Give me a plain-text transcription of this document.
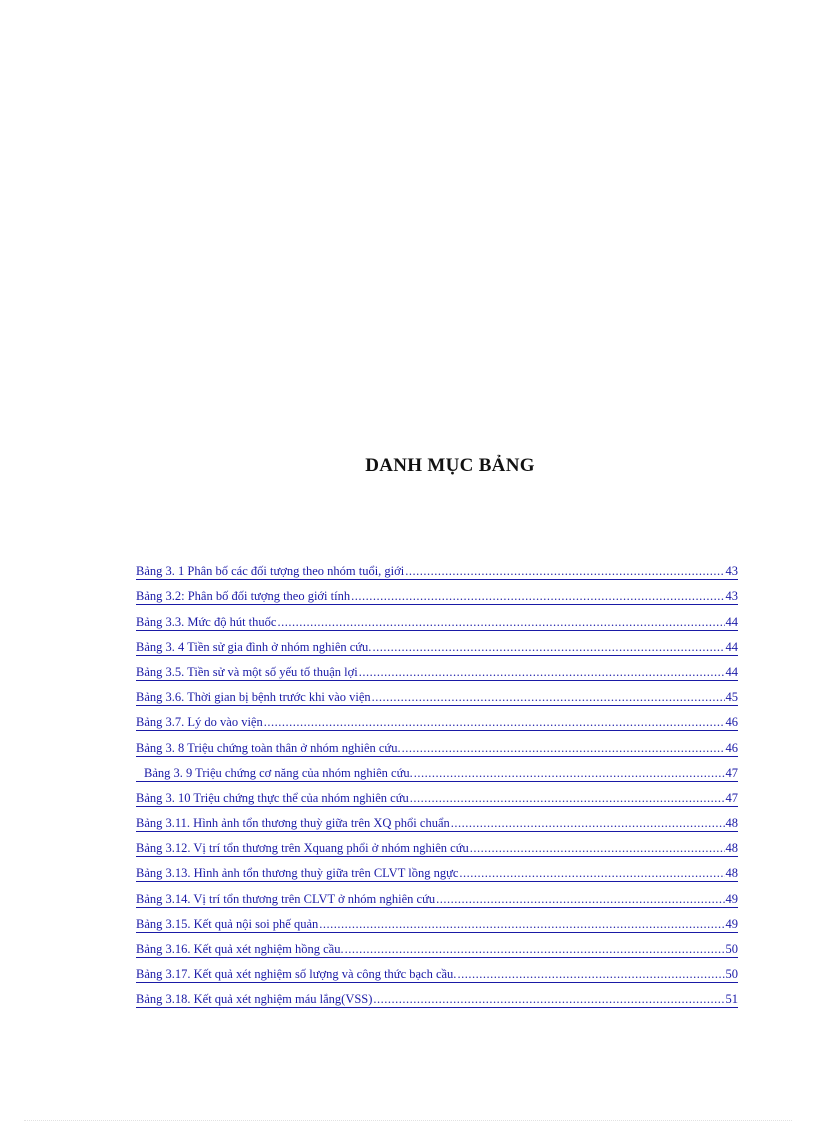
DANH MỤC BẢNG
Bảng 3. 1 Phân bố các đối tượng theo nhóm tuổi, giới .....	43
Bảng 3.2: Phân bố đối tượng theo giới tính .....	43
Bảng 3.3. Mức độ hút thuốc .....	44
Bảng 3. 4 Tiền sử gia đình ở nhóm nghiên cứu. .....	44
Bảng 3.5. Tiền sử và một số yếu tố thuận lợi .....	44
Bảng 3.6. Thời gian bị bệnh trước khi vào viện .....	45
Bảng 3.7. Lý do vào viện .....	46
Bảng 3. 8 Triệu chứng toàn thân ở nhóm nghiên cứu. .....	46
Bảng 3. 9 Triệu chứng cơ năng của nhóm nghiên cứu. .....	47
Bảng 3. 10 Triệu chứng thực thể của nhóm nghiên cứu .....	47
Bảng 3.11. Hình ảnh tổn thương thuỳ giữa trên XQ phổi chuẩn .....	48
Bảng 3.12. Vị trí tổn thương trên Xquang phổi ở nhóm nghiên cứu .....	48
Bảng 3.13. Hình ảnh tổn thương thuỳ giữa trên CLVT lồng ngực .....	48
Bảng 3.14. Vị trí tổn thương trên CLVT ở nhóm nghiên cứu .....	49
Bảng 3.15. Kết quả nội soi phế quản .....	49
Bảng 3.16. Kết quả xét nghiệm hồng cầu. .....	50
Bảng 3.17. Kết quả xét nghiệm số lượng và công thức bạch cầu. .....	50
Bảng 3.18. Kết quả xét nghiệm máu lắng(VSS) .....	51
